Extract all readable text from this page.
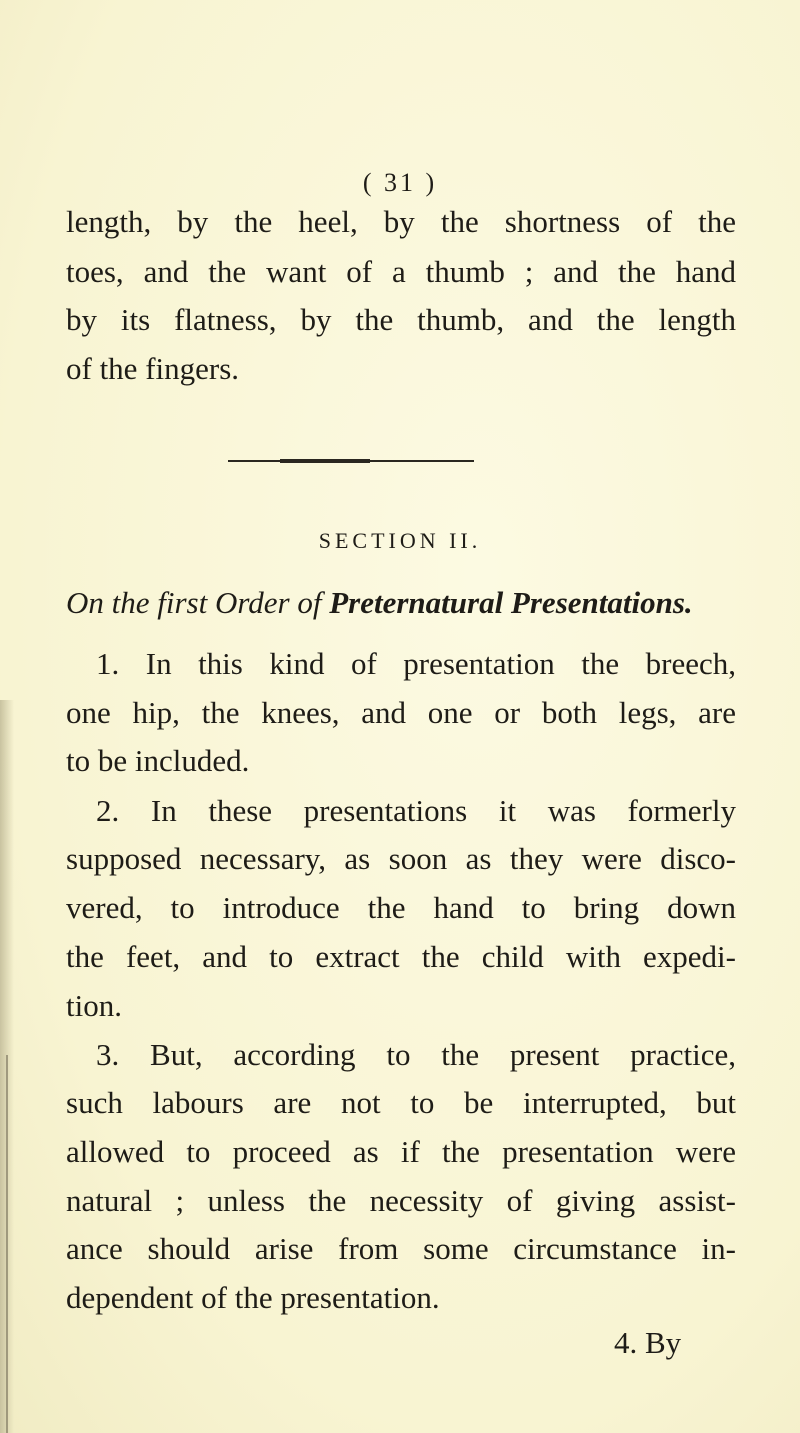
( 31 )
length, by the heel, by the shortness of the
toes, and the want of a thumb ; and the hand
by its flatness, by the thumb, and the length
of the fingers.
SECTION II.
On the first Order of Preternatural Presentations.
1. In this kind of presentation the breech,
one hip, the knees, and one or both legs, are
to be included.
2. In these presentations it was formerly
supposed necessary, as soon as they were disco-
vered, to introduce the hand to bring down
the feet, and to extract the child with expedi-
tion.
3. But, according to the present practice,
such labours are not to be interrupted, but
allowed to proceed as if the presentation were
natural ; unless the necessity of giving assist-
ance should arise from some circumstance in-
dependent of the presentation.
4. By
